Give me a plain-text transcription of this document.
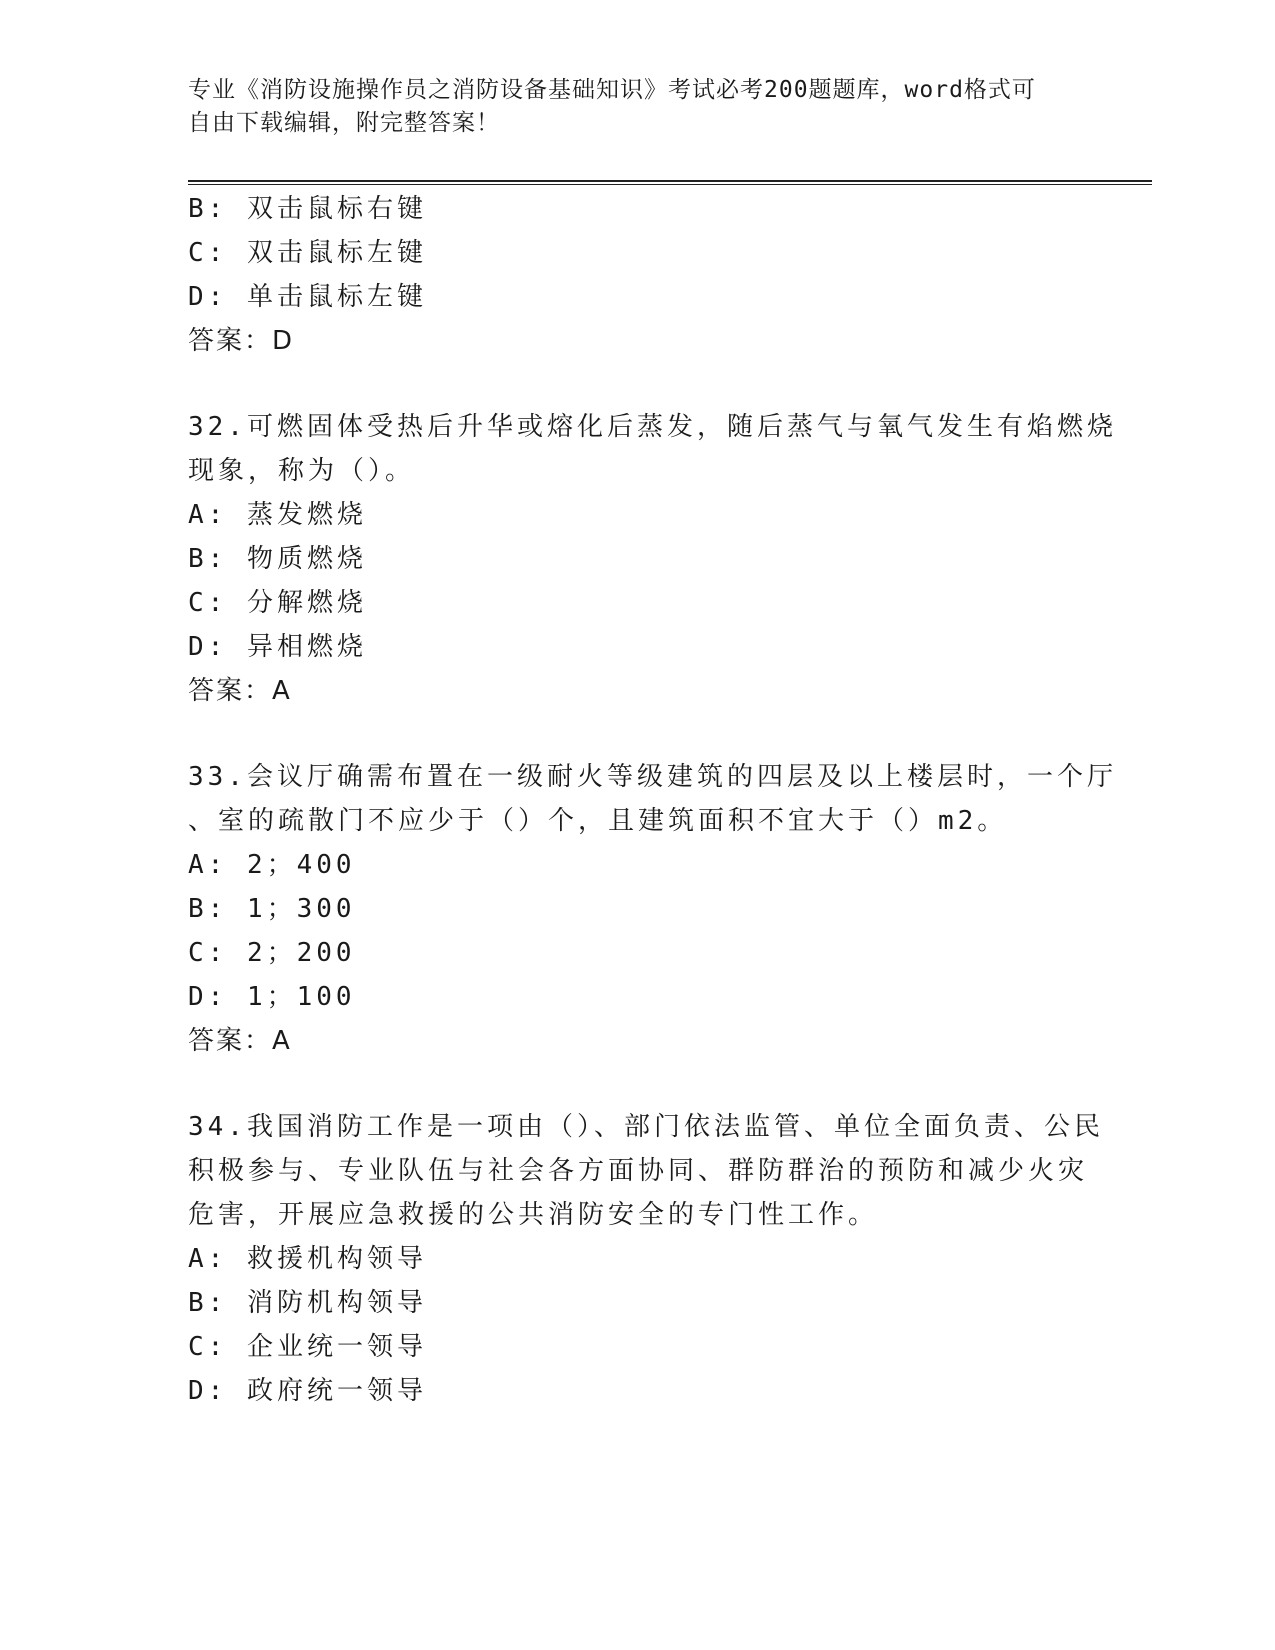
专业《消防设施操作员之消防设备基础知识》考试必考200题题库，word格式可
自由下载编辑，附完整答案！
B: 双击鼠标右键
C: 双击鼠标左键
D: 单击鼠标左键
答案：D
32.可燃固体受热后升华或熔化后蒸发，随后蒸气与氧气发生有焰燃烧
现象，称为（）。
A: 蒸发燃烧
B: 物质燃烧
C: 分解燃烧
D: 异相燃烧
答案：A
33.会议厅确需布置在一级耐火等级建筑的四层及以上楼层时，一个厅
、室的疏散门不应少于（）个，且建筑面积不宜大于（）m2。
A: 2；400
B: 1；300
C: 2；200
D: 1；100
答案：A
34.我国消防工作是一项由（）、部门依法监管、单位全面负责、公民
积极参与、专业队伍与社会各方面协同、群防群治的预防和减少火灾
危害，开展应急救援的公共消防安全的专门性工作。
A: 救援机构领导
B: 消防机构领导
C: 企业统一领导
D: 政府统一领导
